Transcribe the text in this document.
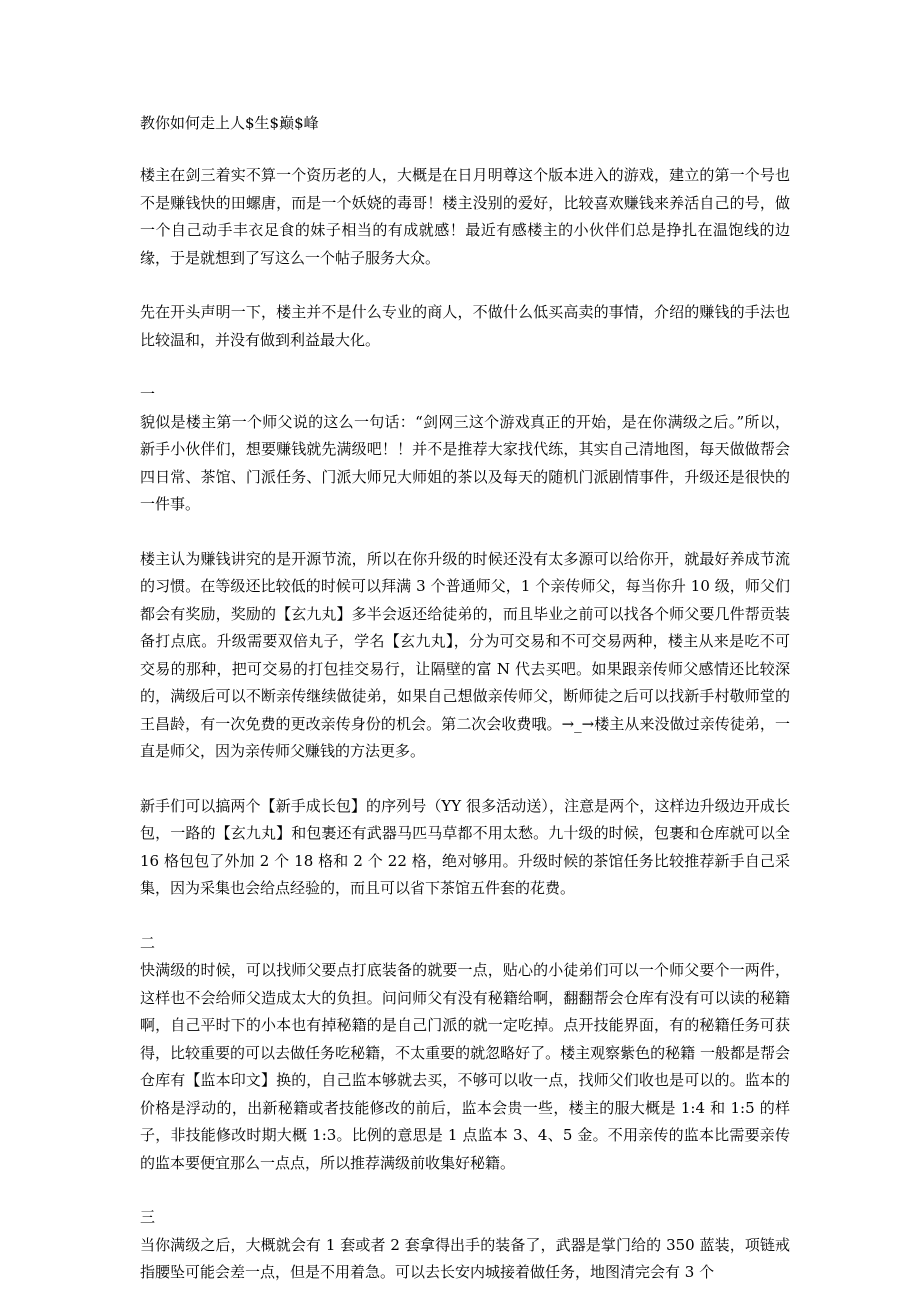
教你如何走上人$生$巅$峰

楼主在剑三着实不算一个资历老的人，大概是在日月明尊这个版本进入的游戏，建立的第一个号也不是赚钱快的田螺唐，而是一个妖娆的毒哥！楼主没别的爱好，比较喜欢赚钱来养活自己的号，做一个自己动手丰衣足食的妹子相当的有成就感！最近有感楼主的小伙伴们总是挣扎在温饱线的边缘，于是就想到了写这么一个帖子服务大众。

先在开头声明一下，楼主并不是什么专业的商人，不做什么低买高卖的事情，介绍的赚钱的手法也比较温和，并没有做到利益最大化。

一

貌似是楼主第一个师父说的这么一句话：“剑网三这个游戏真正的开始，是在你满级之后。”所以，新手小伙伴们，想要赚钱就先满级吧！！并不是推荐大家找代练，其实自己清地图，每天做做帮会四日常、茶馆、门派任务、门派大师兄大师姐的茶以及每天的随机门派剧情事件，升级还是很快的一件事。

楼主认为赚钱讲究的是开源节流，所以在你升级的时候还没有太多源可以给你开，就最好养成节流的习惯。在等级还比较低的时候可以拜满 3 个普通师父，1 个亲传师父，每当你升 10 级，师父们都会有奖励，奖励的【玄九丸】多半会返还给徒弟的，而且毕业之前可以找各个师父要几件帮贡装备打点底。升级需要双倍丸子，学名【玄九丸】，分为可交易和不可交易两种，楼主从来是吃不可交易的那种，把可交易的打包挂交易行，让隔壁的富 N 代去买吧。如果跟亲传师父感情还比较深的，满级后可以不断亲传继续做徒弟，如果自己想做亲传师父，断师徒之后可以找新手村敬师堂的王昌龄，有一次免费的更改亲传身份的机会。第二次会收费哦。→_→楼主从来没做过亲传徒弟，一直是师父，因为亲传师父赚钱的方法更多。

新手们可以搞两个【新手成长包】的序列号（YY 很多活动送），注意是两个，这样边升级边开成长包，一路的【玄九丸】和包裹还有武器马匹马草都不用太愁。九十级的时候，包裹和仓库就可以全 16 格包包了外加 2 个 18 格和 2 个 22 格，绝对够用。升级时候的茶馆任务比较推荐新手自己采集，因为采集也会给点经验的，而且可以省下茶馆五件套的花费。

二

快满级的时候，可以找师父要点打底装备的就要一点，贴心的小徒弟们可以一个师父要个一两件，这样也不会给师父造成太大的负担。问问师父有没有秘籍给啊，翻翻帮会仓库有没有可以读的秘籍啊，自己平时下的小本也有掉秘籍的是自己门派的就一定吃掉。点开技能界面，有的秘籍任务可获得，比较重要的可以去做任务吃秘籍，不太重要的就忽略好了。楼主观察紫色的秘籍 一般都是帮会仓库有【监本印文】换的，自己监本够就去买，不够可以收一点，找师父们收也是可以的。监本的价格是浮动的，出新秘籍或者技能修改的前后，监本会贵一些，楼主的服大概是 1:4 和 1:5 的样子，非技能修改时期大概 1:3。比例的意思是 1 点监本 3、4、5 金。不用亲传的监本比需要亲传的监本要便宜那么一点点，所以推荐满级前收集好秘籍。

三

当你满级之后，大概就会有 1 套或者 2 套拿得出手的装备了，武器是掌门给的 350 蓝装，项链戒指腰坠可能会差一点，但是不用着急。可以去长安内城接着做任务，地图清完会有 3 个
